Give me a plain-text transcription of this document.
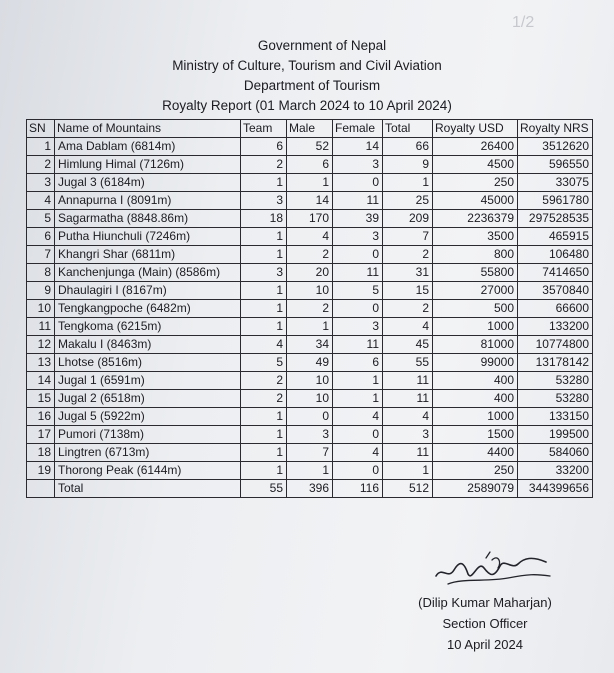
1/2
Government of Nepal
Ministry of Culture, Tourism and Civil Aviation
Department of Tourism
Royalty Report (01 March 2024 to 10 April 2024)
SN	Name of Mountains	Team	Male	Female	Total	Royalty USD	Royalty NRS
1	Ama Dablam (6814m)	6	52	14	66	26400	3512620
2	Himlung Himal (7126m)	2	6	3	9	4500	596550
3	Jugal 3 (6184m)	1	1	0	1	250	33075
4	Annapurna I (8091m)	3	14	11	25	45000	5961780
5	Sagarmatha (8848.86m)	18	170	39	209	2236379	297528535
6	Putha Hiunchuli (7246m)	1	4	3	7	3500	465915
7	Khangri Shar (6811m)	1	2	0	2	800	106480
8	Kanchenjunga (Main) (8586m)	3	20	11	31	55800	7414650
9	Dhaulagiri I (8167m)	1	10	5	15	27000	3570840
10	Tengkangpoche (6482m)	1	2	0	2	500	66600
11	Tengkoma (6215m)	1	1	3	4	1000	133200
12	Makalu I (8463m)	4	34	11	45	81000	10774800
13	Lhotse (8516m)	5	49	6	55	99000	13178142
14	Jugal 1 (6591m)	2	10	1	11	400	53280
15	Jugal 2 (6518m)	2	10	1	11	400	53280
16	Jugal 5 (5922m)	1	0	4	4	1000	133150
17	Pumori (7138m)	1	3	0	3	1500	199500
18	Lingtren (6713m)	1	7	4	11	4400	584060
19	Thorong Peak (6144m)	1	1	0	1	250	33200
	Total	55	396	116	512	2589079	344399656
(Dilip Kumar Maharjan)
Section Officer
10 April 2024
